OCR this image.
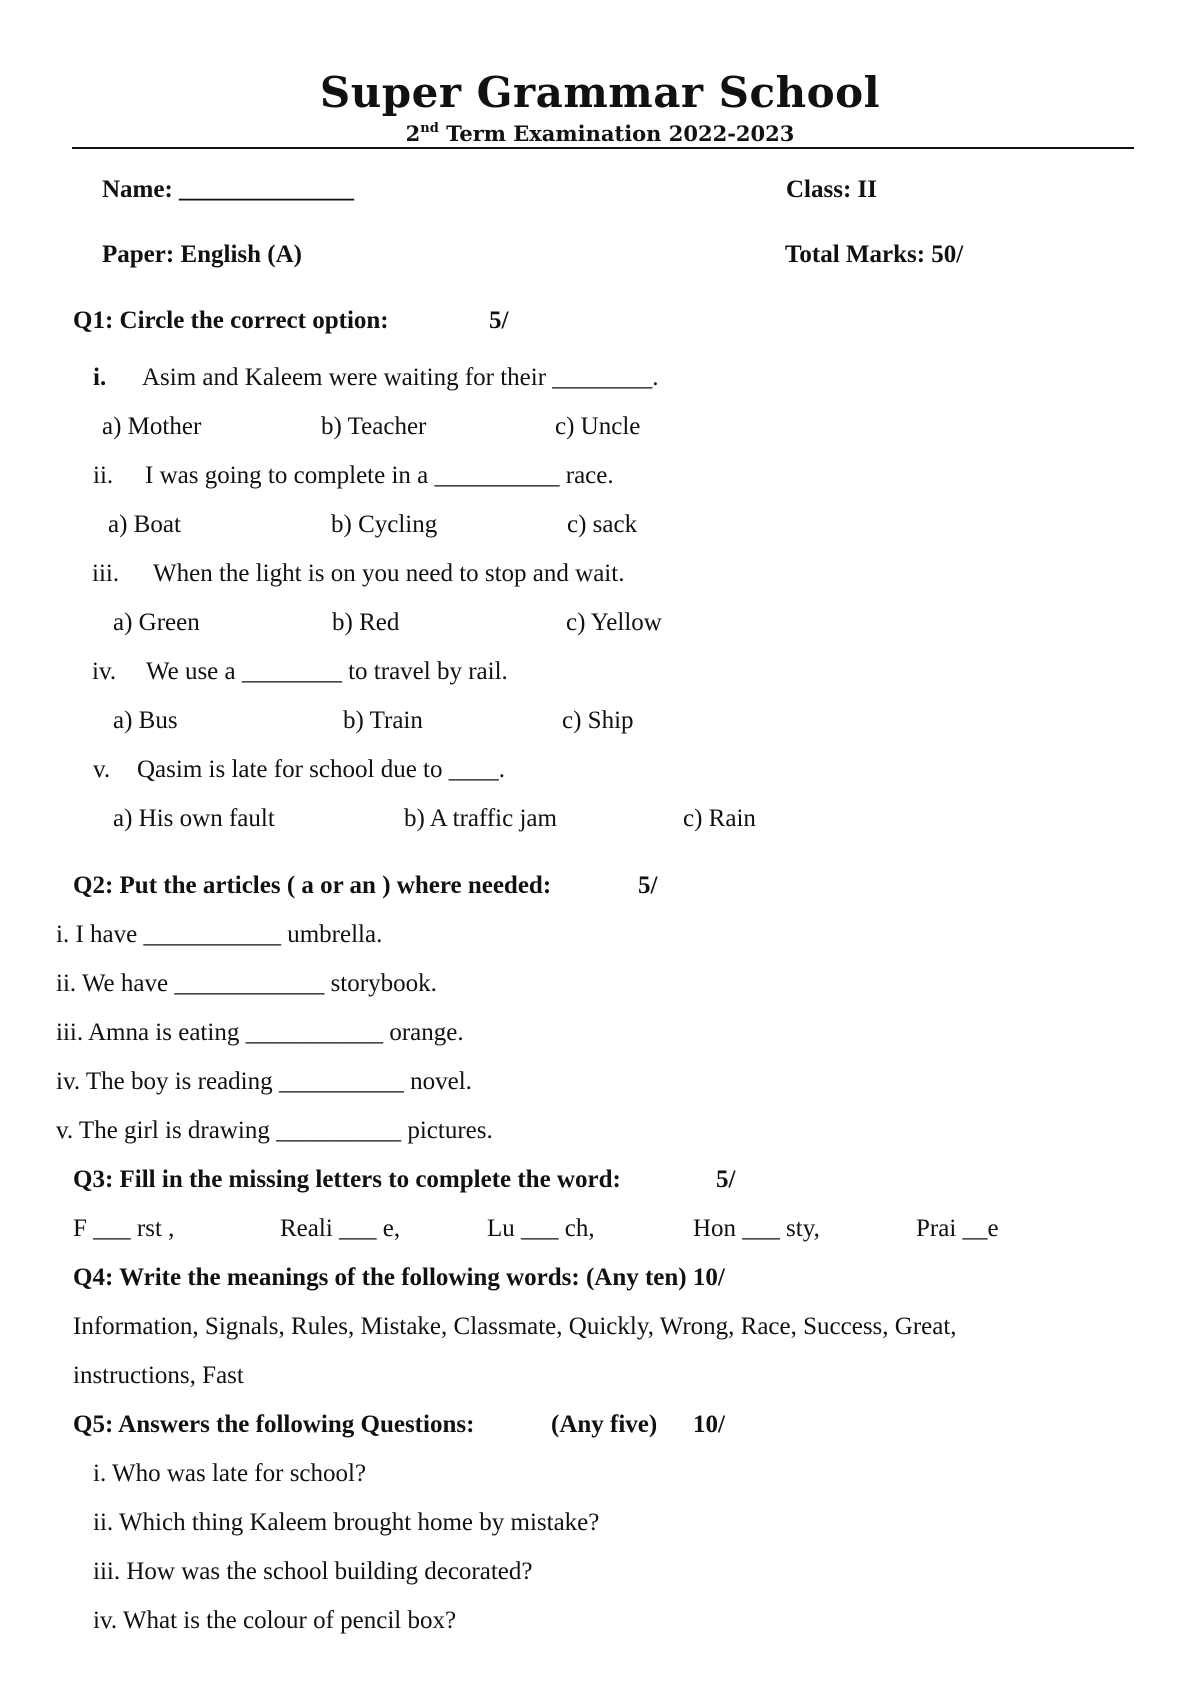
Super Grammar School
2nd Term Examination 2022-2023
Name: ______________	Class: II
Paper: English (A)	Total Marks: 50/
Q1: Circle the correct option:	5/
i. Asim and Kaleem were waiting for their ________.
a) Mother	b) Teacher	c) Uncle
ii. I was going to complete in a __________ race.
a) Boat	b) Cycling	c) sack
iii. When the light is on you need to stop and wait.
a) Green	b) Red	c) Yellow
iv. We use a ________ to travel by rail.
a) Bus	b) Train	c) Ship
v. Qasim is late for school due to ____.
a) His own fault	b) A traffic jam	c) Rain
Q2: Put the articles ( a or an ) where needed:	5/
i. I have ___________ umbrella.
ii. We have ____________ storybook.
iii. Amna is eating ___________ orange.
iv. The boy is reading __________ novel.
v. The girl is drawing __________ pictures.
Q3: Fill in the missing letters to complete the word:	5/
F ___ rst ,	Reali ___ e,	Lu ___ ch,	Hon ___ sty,	Prai __e
Q4: Write the meanings of the following words: (Any ten) 10/
Information, Signals, Rules, Mistake, Classmate, Quickly, Wrong, Race, Success, Great,
instructions, Fast
Q5: Answers the following Questions:	(Any five) 10/
i. Who was late for school?
ii. Which thing Kaleem brought home by mistake?
iii. How was the school building decorated?
iv. What is the colour of pencil box?
